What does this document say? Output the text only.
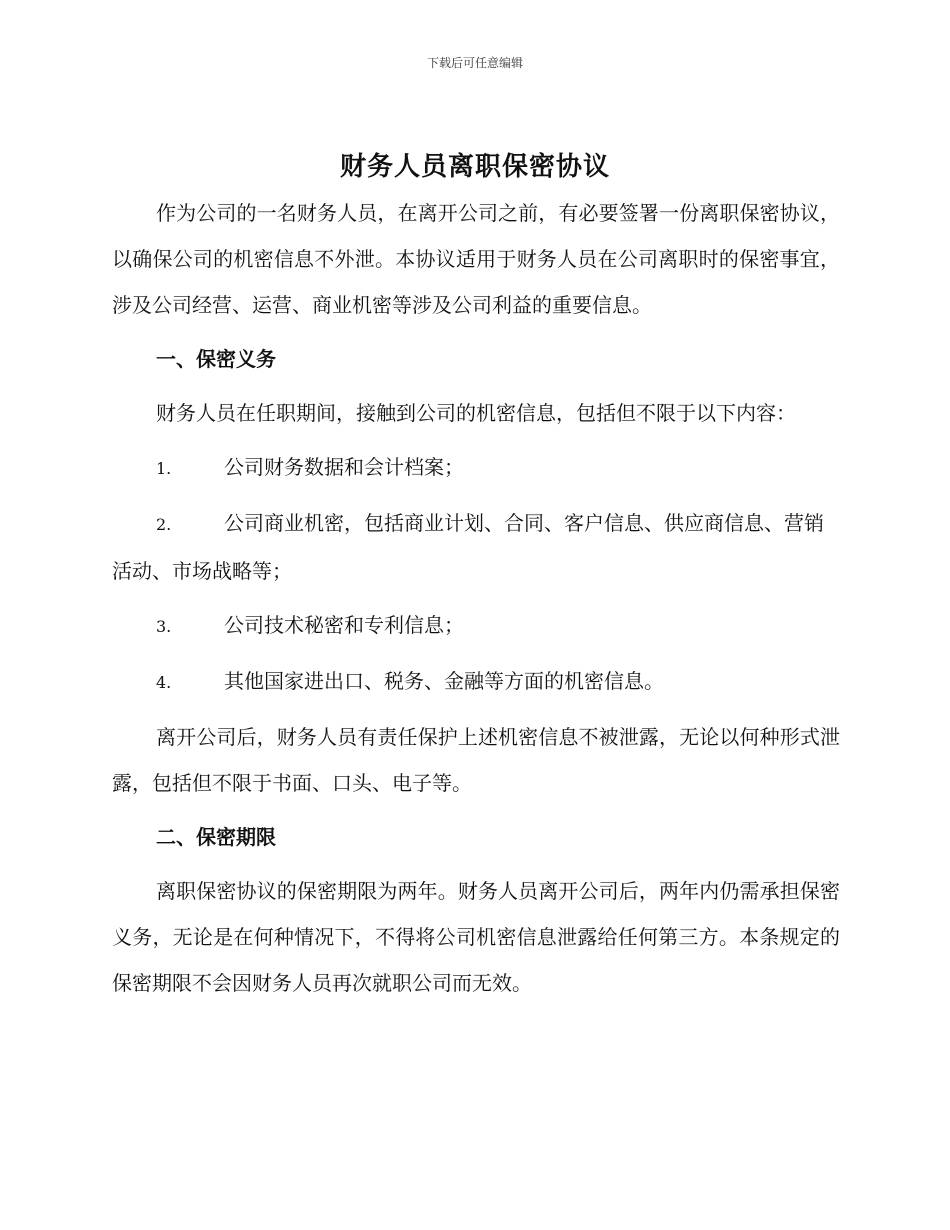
下载后可任意编辑
财务人员离职保密协议

作为公司的一名财务人员，在离开公司之前，有必要签署一份离职保密协议，以确保公司的机密信息不外泄。本协议适用于财务人员在公司离职时的保密事宜，涉及公司经营、运营、商业机密等涉及公司利益的重要信息。

一、保密义务

财务人员在任职期间，接触到公司的机密信息，包括但不限于以下内容：

1.	公司财务数据和会计档案；
2.	公司商业机密，包括商业计划、合同、客户信息、供应商信息、营销活动、市场战略等；
3.	公司技术秘密和专利信息；
4.	其他国家进出口、税务、金融等方面的机密信息。

离开公司后，财务人员有责任保护上述机密信息不被泄露，无论以何种形式泄露，包括但不限于书面、口头、电子等。

二、保密期限

离职保密协议的保密期限为两年。财务人员离开公司后，两年内仍需承担保密义务，无论是在何种情况下，不得将公司机密信息泄露给任何第三方。本条规定的保密期限不会因财务人员再次就职公司而无效。
